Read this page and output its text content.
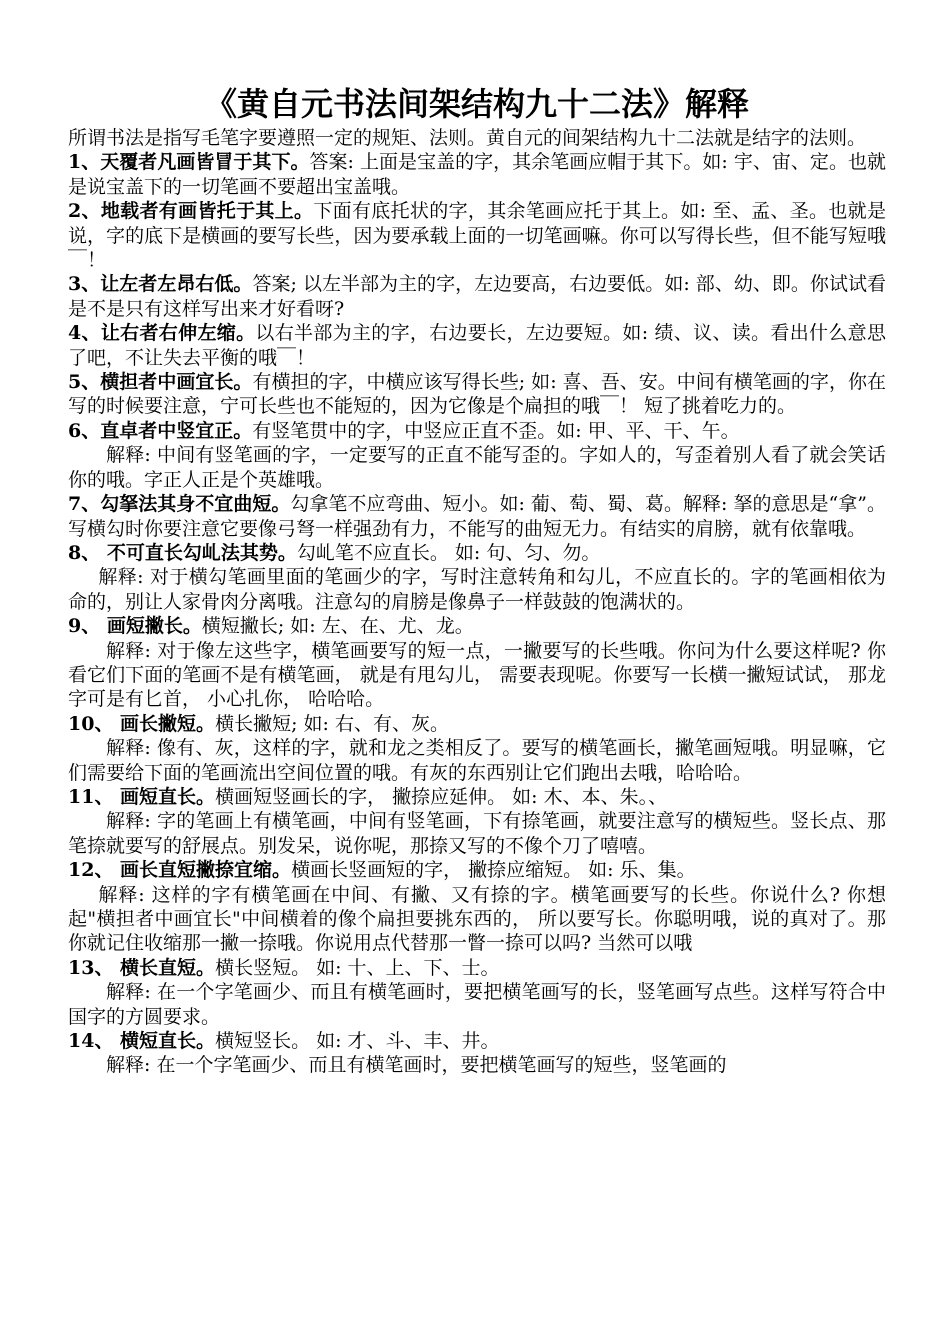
《黄自元书法间架结构九十二法》解释

所谓书法是指写毛笔字要遵照一定的规矩、法则。黄自元的间架结构九十二法就是结字的法则。

1、天覆者凡画皆冒于其下。答案: 上面是宝盖的字，其余笔画应帽于其下。如: 宇、宙、定。也就是说宝盖下的一切笔画不要超出宝盖哦。

2、地载者有画皆托于其上。下面有底托状的字，其余笔画应托于其上。如: 至、孟、圣。也就是说，字的底下是横画的要写长些，因为要承载上面的一切笔画嘛。你可以写得长些，但不能写短哦￣！

3、让左者左昂右低。答案; 以左半部为主的字，左边要高，右边要低。如: 部、幼、即。你试试看是不是只有这样写出来才好看呀?

4、让右者右伸左缩。以右半部为主的字，右边要长，左边要短。如: 绩、议、读。看出什么意思了吧，不让失去平衡的哦￣！

5、横担者中画宜长。有横担的字，中横应该写得长些; 如: 喜、吾、安。中间有横笔画的字，你在写的时候要注意，宁可长些也不能短的，因为它像是个扁担的哦￣！ 短了挑着吃力的。

6、直卓者中竖宜正。有竖笔贯中的字，中竖应正直不歪。如: 甲、平、干、午。

解释: 中间有竖笔画的字，一定要写的正直不能写歪的。字如人的，写歪着别人看了就会笑话你的哦。字正人正是个英雄哦。

7、勾拏法其身不宜曲短。勾拿笔不应弯曲、短小。如: 葡、萄、蜀、葛。解释: 拏的意思是“拿”。写横勾时你要注意它要像弓弩一样强劲有力，不能写的曲短无力。有结实的肩膀，就有依靠哦。

8、 不可直长勾乢法其势。勾乢笔不应直长。 如: 句、匀、勿。

解释: 对于横勾笔画里面的笔画少的字，写时注意转角和勾儿，不应直长的。字的笔画相依为命的，别让人家骨肉分离哦。注意勾的肩膀是像鼻子一样鼓鼓的饱满状的。

9、 画短撇长。横短撇长; 如: 左、在、尤、龙。

解释: 对于像左这些字，横笔画要写的短一点，一撇要写的长些哦。你问为什么要这样呢? 你看它们下面的笔画不是有横笔画， 就是有甩勾儿， 需要表现呢。你要写一长横一撇短试试， 那龙字可是有匕首， 小心扎你， 哈哈哈。

10、 画长撇短。横长撇短; 如: 右、有、灰。

解释: 像有、灰，这样的字，就和龙之类相反了。要写的横笔画长，撇笔画短哦。明显嘛，它们需要给下面的笔画流出空间位置的哦。有灰的东西别让它们跑出去哦，哈哈哈。

11、 画短直长。横画短竖画长的字， 撇捺应延伸。 如: 木、本、朱。、

解释: 字的笔画上有横笔画，中间有竖笔画，下有捺笔画，就要注意写的横短些。竖长点、那笔捺就要写的舒展点。别发呆，说你呢，那捺又写的不像个刀了嘻嘻。

12、 画长直短撇捺宜缩。横画长竖画短的字， 撇捺应缩短。 如: 乐、集。

解释: 这样的字有横笔画在中间、有撇、又有捺的字。横笔画要写的长些。你说什么? 你想起"横担者中画宜长"中间横着的像个扁担要挑东西的， 所以要写长。你聪明哦，说的真对了。那你就记住收缩那一撇一捺哦。你说用点代替那一瞥一捺可以吗? 当然可以哦

13、 横长直短。横长竖短。 如: 十、上、下、士。

解释: 在一个字笔画少、而且有横笔画时，要把横笔画写的长，竖笔画写点些。这样写符合中国字的方圆要求。

14、 横短直长。横短竖长。 如: 才、斗、丰、井。

解释: 在一个字笔画少、而且有横笔画时，要把横笔画写的短些，竖笔画的
